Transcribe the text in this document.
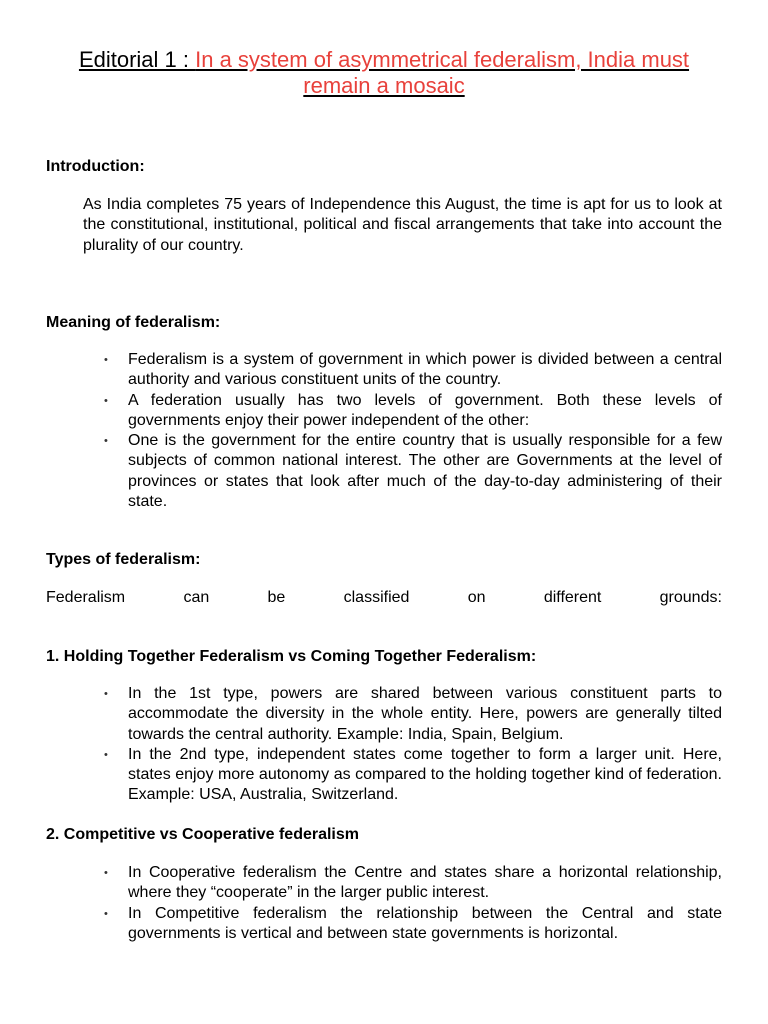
Editorial 1 : In a system of asymmetrical federalism, India must remain a mosaic
Introduction:

As India completes 75 years of Independence this August, the time is apt for us to look at the constitutional, institutional, political and fiscal arrangements that take into account the plurality of our country.

Meaning of federalism:
• Federalism is a system of government in which power is divided between a central authority and various constituent units of the country.
• A federation usually has two levels of government. Both these levels of governments enjoy their power independent of the other:
• One is the government for the entire country that is usually responsible for a few subjects of common national interest. The other are Governments at the level of provinces or states that look after much of the day-to-day administering of their state.
Types of federalism:
Federalism	can	be	classified	on	different	grounds:
1. Holding Together Federalism vs Coming Together Federalism:
• In the 1st type, powers are shared between various constituent parts to accommodate the diversity in the whole entity. Here, powers are generally tilted towards the central authority. Example: India, Spain, Belgium.
• In the 2nd type, independent states come together to form a larger unit. Here, states enjoy more autonomy as compared to the holding together kind of federation. Example: USA, Australia, Switzerland.
2. Competitive vs Cooperative federalism
• In Cooperative federalism the Centre and states share a horizontal relationship, where they “cooperate” in the larger public interest.
• In Competitive federalism the relationship between the Central and state governments is vertical and between state governments is horizontal.
